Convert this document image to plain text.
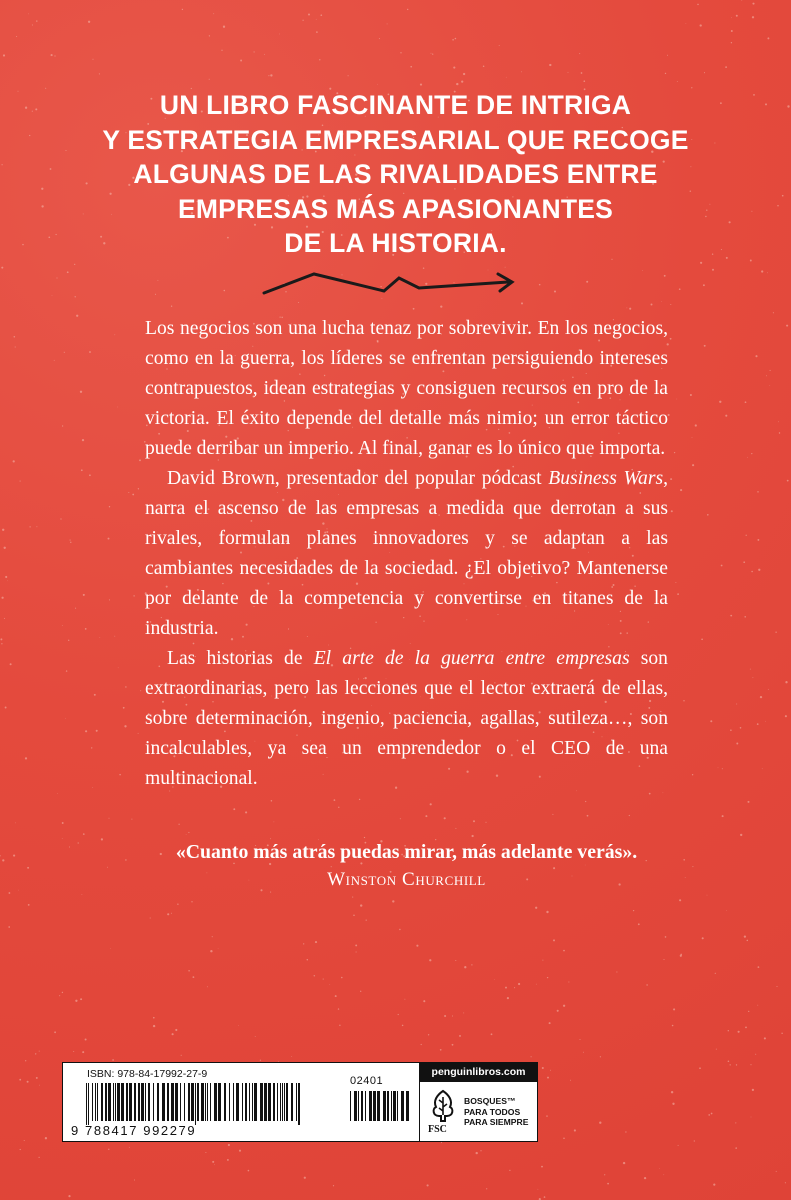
UN LIBRO FASCINANTE DE INTRIGA
Y ESTRATEGIA EMPRESARIAL QUE RECOGE
ALGUNAS DE LAS RIVALIDADES ENTRE
EMPRESAS MÁS APASIONANTES
DE LA HISTORIA.

Los negocios son una lucha tenaz por sobrevivir. En los negocios, como en la guerra, los líderes se enfrentan persiguiendo intereses contrapuestos, idean estrategias y consiguen recursos en pro de la victoria. El éxito depende del detalle más nimio; un error táctico puede derribar un imperio. Al final, ganar es lo único que importa.

David Brown, presentador del popular pódcast Business Wars, narra el ascenso de las empresas a medida que derrotan a sus rivales, formulan planes innovadores y se adaptan a las cambiantes necesidades de la sociedad. ¿El objetivo? Mantenerse por delante de la competencia y convertirse en titanes de la industria.

Las historias de El arte de la guerra entre empresas son extraordinarias, pero las lecciones que el lector extraerá de ellas, sobre determinación, ingenio, paciencia, agallas, sutileza…, son incalculables, ya sea un emprendedor o el CEO de una multinacional.

«Cuanto más atrás puedas mirar, más adelante verás».
Winston Churchill
ISBN: 978-84-17992-27-9
02401
9 788417 992279
penguinlibros.com
FSC
BOSQUES™
PARA TODOS
PARA SIEMPRE
